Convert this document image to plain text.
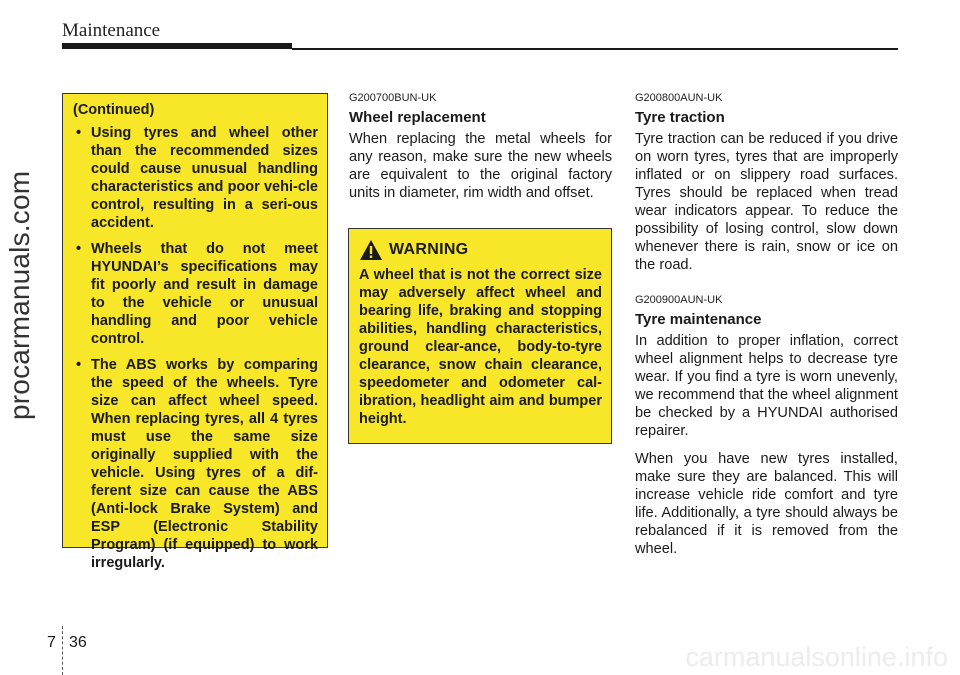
Maintenance
procarmanuals.com
(Continued)
• Using tyres and wheel other than the recommended sizes could cause unusual handling characteristics and poor vehi-cle control, resulting in a seri-ous accident.
• Wheels that do not meet HYUNDAI’s specifications may fit poorly and result in damage to the vehicle or unusual handling and poor vehicle control.
• The ABS works by comparing the speed of the wheels. Tyre size can affect wheel speed. When replacing tyres, all 4 tyres must use the same size originally supplied with the vehicle. Using tyres of a dif-ferent size can cause the ABS (Anti-lock Brake System) and ESP (Electronic Stability Program) (if equipped) to work irregularly.
G200700BUN-UK
Wheel replacement

When replacing the metal wheels for any reason, make sure the new wheels are equivalent to the original factory units in diameter, rim width and offset.

WARNING

A wheel that is not the correct size may adversely affect wheel and bearing life, braking and stopping abilities, handling characteristics, ground clear-ance, body-to-tyre clearance, snow chain clearance, speedometer and odometer cal-ibration, headlight aim and bumper height.

G200800AUN-UK
Tyre traction

Tyre traction can be reduced if you drive on worn tyres, tyres that are improperly inflated or on slippery road surfaces. Tyres should be replaced when tread wear indicators appear. To reduce the possibility of losing control, slow down whenever there is rain, snow or ice on the road.

G200900AUN-UK
Tyre maintenance

In addition to proper inflation, correct wheel alignment helps to decrease tyre wear. If you find a tyre is worn unevenly, we recommend that the wheel alignment be checked by a HYUNDAI authorised repairer.

When you have new tyres installed, make sure they are balanced. This will increase vehicle ride comfort and tyre life. Additionally, a tyre should always be rebalanced if it is removed from the wheel.

7 36	carmanualsonline.info
